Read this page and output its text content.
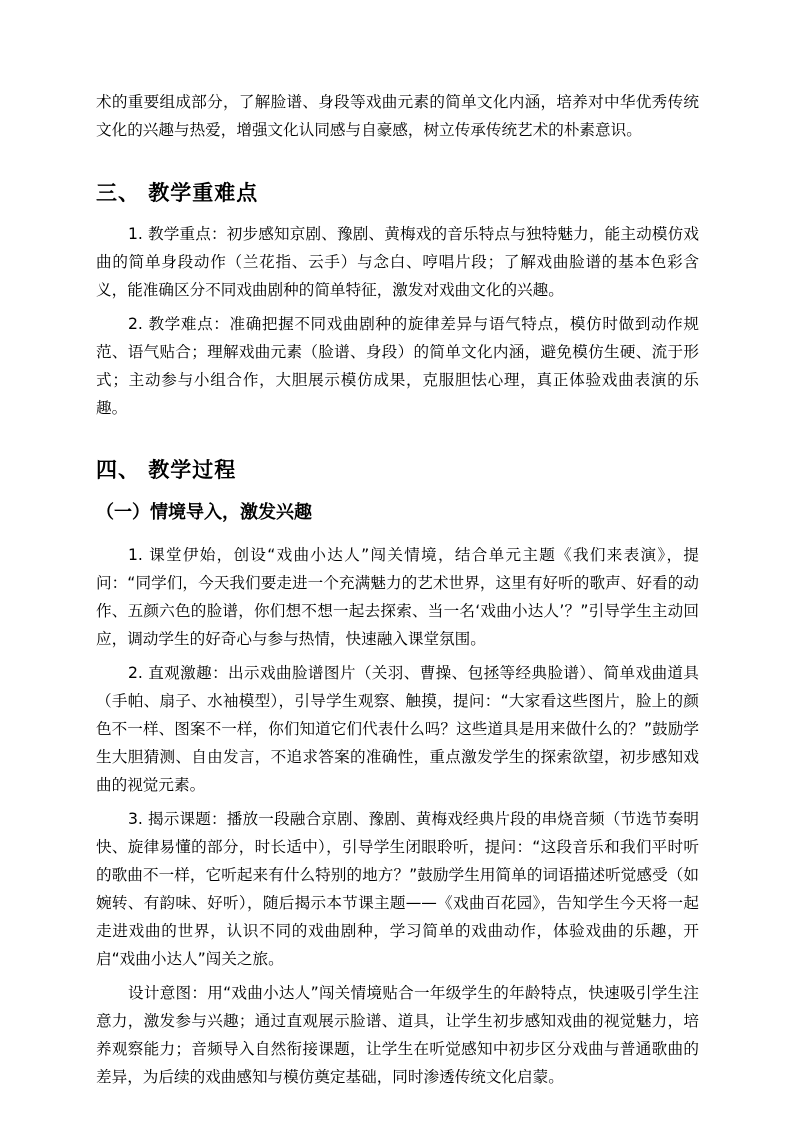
术的重要组成部分，了解脸谱、身段等戏曲元素的简单文化内涵，培养对中华优秀传统文化的兴趣与热爱，增强文化认同感与自豪感，树立传承传统艺术的朴素意识。

三、 教学重难点

1. 教学重点：初步感知京剧、豫剧、黄梅戏的音乐特点与独特魅力，能主动模仿戏曲的简单身段动作（兰花指、云手）与念白、哼唱片段；了解戏曲脸谱的基本色彩含义，能准确区分不同戏曲剧种的简单特征，激发对戏曲文化的兴趣。

2. 教学难点：准确把握不同戏曲剧种的旋律差异与语气特点，模仿时做到动作规范、语气贴合；理解戏曲元素（脸谱、身段）的简单文化内涵，避免模仿生硬、流于形式；主动参与小组合作，大胆展示模仿成果，克服胆怯心理，真正体验戏曲表演的乐趣。

四、 教学过程
（一）情境导入，激发兴趣

1. 课堂伊始，创设“戏曲小达人”闯关情境，结合单元主题《我们来表演》，提问：“同学们，今天我们要走进一个充满魅力的艺术世界，这里有好听的歌声、好看的动作、五颜六色的脸谱，你们想不想一起去探索、当一名‘戏曲小达人’？”引导学生主动回应，调动学生的好奇心与参与热情，快速融入课堂氛围。

2. 直观激趣：出示戏曲脸谱图片（关羽、曹操、包拯等经典脸谱）、简单戏曲道具（手帕、扇子、水袖模型），引导学生观察、触摸，提问：“大家看这些图片，脸上的颜色不一样、图案不一样，你们知道它们代表什么吗？这些道具是用来做什么的？”鼓励学生大胆猜测、自由发言，不追求答案的准确性，重点激发学生的探索欲望，初步感知戏曲的视觉元素。

3. 揭示课题：播放一段融合京剧、豫剧、黄梅戏经典片段的串烧音频（节选节奏明快、旋律易懂的部分，时长适中），引导学生闭眼聆听，提问：“这段音乐和我们平时听的歌曲不一样，它听起来有什么特别的地方？”鼓励学生用简单的词语描述听觉感受（如婉转、有韵味、好听），随后揭示本节课主题——《戏曲百花园》，告知学生今天将一起走进戏曲的世界，认识不同的戏曲剧种，学习简单的戏曲动作，体验戏曲的乐趣，开启“戏曲小达人”闯关之旅。

设计意图：用“戏曲小达人”闯关情境贴合一年级学生的年龄特点，快速吸引学生注意力，激发参与兴趣；通过直观展示脸谱、道具，让学生初步感知戏曲的视觉魅力，培养观察能力；音频导入自然衔接课题，让学生在听觉感知中初步区分戏曲与普通歌曲的差异，为后续的戏曲感知与模仿奠定基础，同时渗透传统文化启蒙。
